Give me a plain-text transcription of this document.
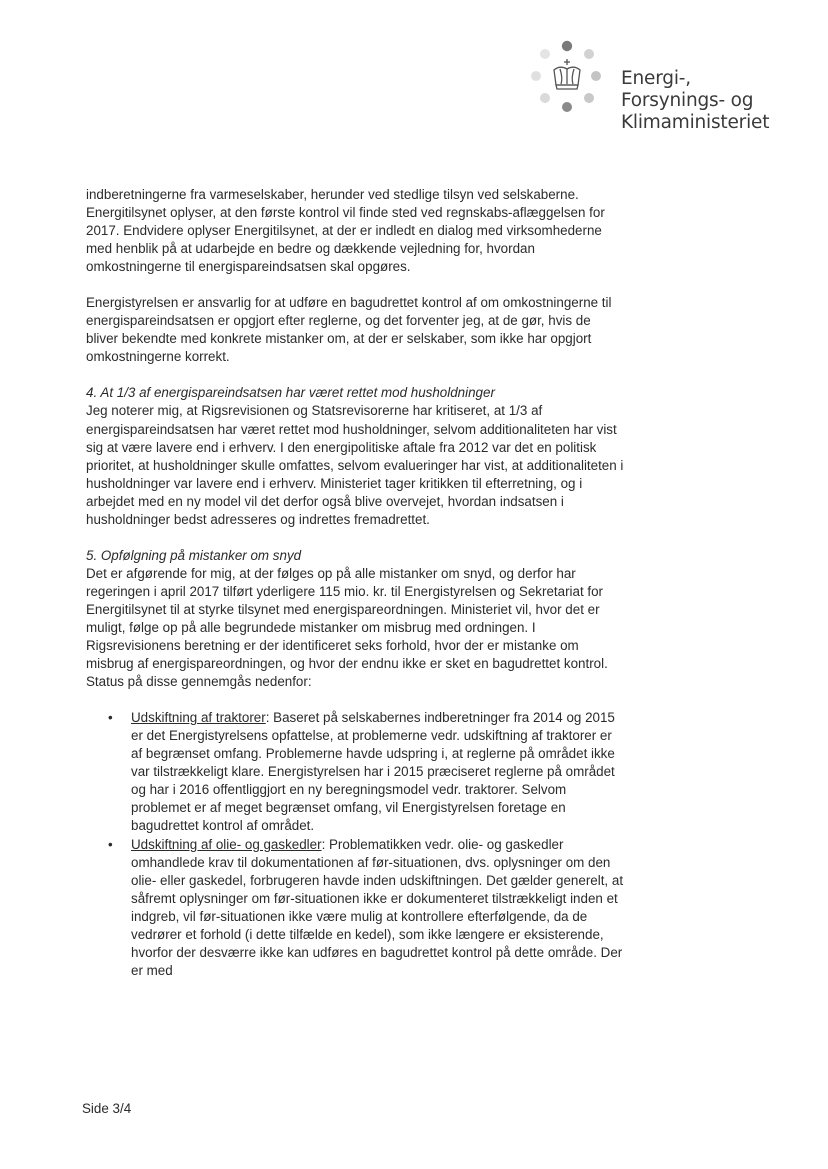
Energi-,
Forsynings- og
Klimaministeriet

indberetningerne fra varmeselskaber, herunder ved stedlige tilsyn ved selskaberne. Energitilsynet oplyser, at den første kontrol vil finde sted ved regnskabs-aflæggelsen for 2017. Endvidere oplyser Energitilsynet, at der er indledt en dialog med virksomhederne med henblik på at udarbejde en bedre og dækkende vejledning for, hvordan omkostningerne til energispareindsatsen skal opgøres.

Energistyrelsen er ansvarlig for at udføre en bagudrettet kontrol af om omkostningerne til energispareindsatsen er opgjort efter reglerne, og det forventer jeg, at de gør, hvis de bliver bekendte med konkrete mistanker om, at der er selskaber, som ikke har opgjort omkostningerne korrekt.

4. At 1/3 af energispareindsatsen har været rettet mod husholdninger
Jeg noterer mig, at Rigsrevisionen og Statsrevisorerne har kritiseret, at 1/3 af energispareindsatsen har været rettet mod husholdninger, selvom additionaliteten har vist sig at være lavere end i erhverv. I den energipolitiske aftale fra 2012 var det en politisk prioritet, at husholdninger skulle omfattes, selvom evalueringer har vist, at additionaliteten i husholdninger var lavere end i erhverv. Ministeriet tager kritikken til efterretning, og i arbejdet med en ny model vil det derfor også blive overvejet, hvordan indsatsen i husholdninger bedst adresseres og indrettes fremadrettet.

5. Opfølgning på mistanker om snyd
Det er afgørende for mig, at der følges op på alle mistanker om snyd, og derfor har regeringen i april 2017 tilført yderligere 115 mio. kr. til Energistyrelsen og Sekretariat for Energitilsynet til at styrke tilsynet med energispareordningen. Ministeriet vil, hvor det er muligt, følge op på alle begrundede mistanker om misbrug med ordningen. I Rigsrevisionens beretning er der identificeret seks forhold, hvor der er mistanke om misbrug af energispareordningen, og hvor der endnu ikke er sket en bagudrettet kontrol. Status på disse gennemgås nedenfor:

• Udskiftning af traktorer: Baseret på selskabernes indberetninger fra 2014 og 2015 er det Energistyrelsens opfattelse, at problemerne vedr. udskiftning af traktorer er af begrænset omfang. Problemerne havde udspring i, at reglerne på området ikke var tilstrækkeligt klare. Energistyrelsen har i 2015 præciseret reglerne på området og har i 2016 offentliggjort en ny beregningsmodel vedr. traktorer. Selvom problemet er af meget begrænset omfang, vil Energistyrelsen foretage en bagudrettet kontrol af området.
• Udskiftning af olie- og gaskedler: Problematikken vedr. olie- og gaskedler omhandlede krav til dokumentationen af før-situationen, dvs. oplysninger om den olie- eller gaskedel, forbrugeren havde inden udskiftningen. Det gælder generelt, at såfremt oplysninger om før-situationen ikke er dokumenteret tilstrækkeligt inden et indgreb, vil før-situationen ikke være mulig at kontrollere efterfølgende, da de vedrører et forhold (i dette tilfælde en kedel), som ikke længere er eksisterende, hvorfor der desværre ikke kan udføres en bagudrettet kontrol på dette område. Der er med
Side 3/4
